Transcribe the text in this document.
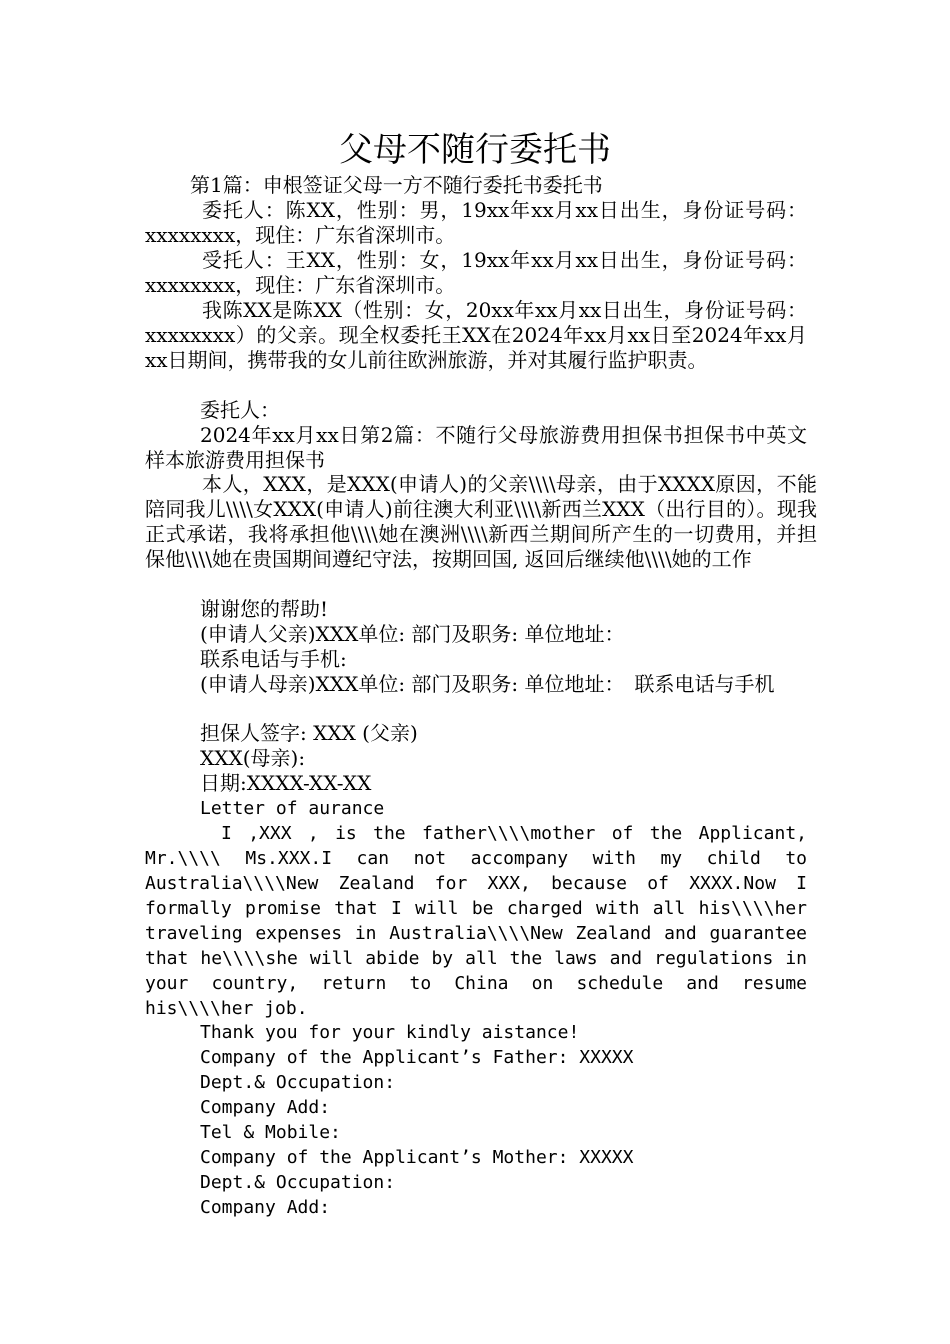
父母不随行委托书

第1篇：申根签证父母一方不随行委托书委托书

委托人：陈XX，性别：男，19xx年xx月xx日出生，身份证号码：xxxxxxxx，现住：广东省深圳市。

受托人：王XX，性别：女，19xx年xx月xx日出生，身份证号码：xxxxxxxx，现住：广东省深圳市。

我陈XX是陈XX（性别：女，20xx年xx月xx日出生，身份证号码：xxxxxxxx）的父亲。现全权委托王XX在2024年xx月xx日至2024年xx月xx日期间，携带我的女儿前往欧洲旅游，并对其履行监护职责。

委托人：

2024年xx月xx日第2篇：不随行父母旅游费用担保书担保书中英文样本旅游费用担保书

本人，XXX，是XXX(申请人)的父亲\\\\母亲，由于XXXX原因，不能陪同我儿\\\\女XXX(申请人)前往澳大利亚\\\\新西兰XXX（出行目的）。现我正式承诺，我将承担他\\\\她在澳洲\\\\新西兰期间所产生的一切费用，并担保他\\\\她在贵国期间遵纪守法，按期回国, 返回后继续他\\\\她的工作

谢谢您的帮助!

(申请人父亲)XXX单位: 部门及职务: 单位地址：

联系电话与手机:

(申请人母亲)XXX单位: 部门及职务: 单位地址：　联系电话与手机

担保人签字: XXX (父亲)

XXX(母亲):

日期:XXXX-XX-XX

Letter of aurance

I ,XXX , is the father\\\\mother of the Applicant, Mr.\\\\ Ms.XXX.I can not accompany with my child to Australia\\\\New Zealand for XXX, because of XXXX.Now I formally promise that I will be charged with all his\\\\her traveling expenses in Australia\\\\New Zealand and guarantee that he\\\\she will abide by all the laws and regulations in your country, return to China on schedule and resume his\\\\her job.

Thank you for your kindly aistance!

Company of the Applicant’s Father: XXXXX

Dept.& Occupation:

Company Add:

Tel & Mobile:

Company of the Applicant’s Mother: XXXXX

Dept.& Occupation:

Company Add:
